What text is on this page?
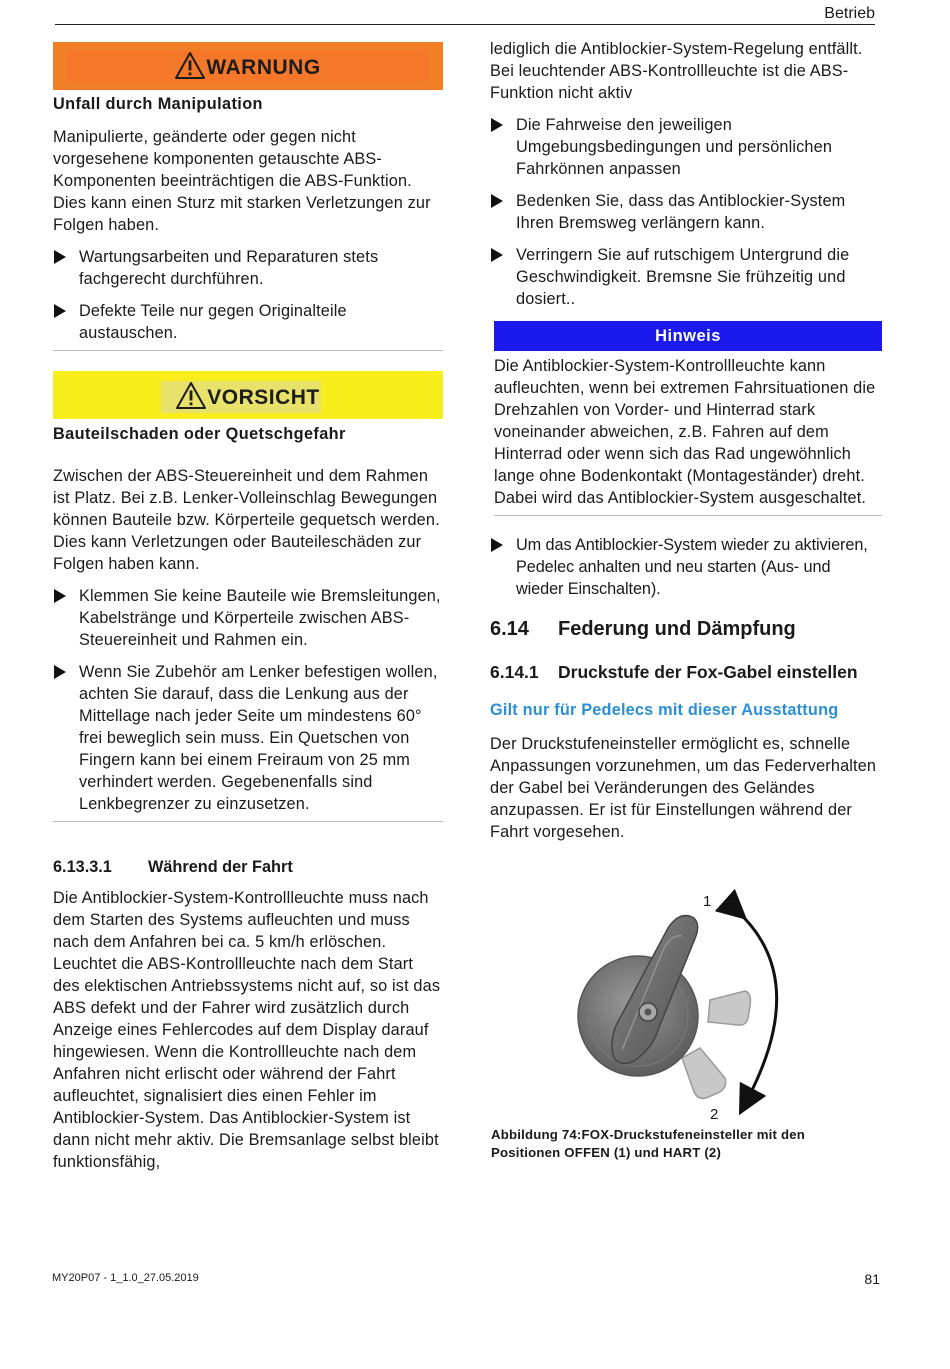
Betrieb
WARNUNG
Unfall durch Manipulation

Manipulierte, geänderte oder gegen nicht vorgesehene komponenten getauschte ABS-Komponenten beeinträchtigen die ABS-Funktion. Dies kann einen Sturz mit starken Verletzungen zur Folgen haben.

Wartungsarbeiten und Reparaturen stets fachgerecht durchführen.

Defekte Teile nur gegen Originalteile austauschen.

VORSICHT
Bauteilschaden oder Quetschgefahr

Zwischen der ABS-Steuereinheit und dem Rahmen ist Platz. Bei z.B. Lenker-Volleinschlag Bewegungen können Bauteile bzw. Körperteile gequetsch werden. Dies kann Verletzungen oder Bauteileschäden zur Folgen haben kann.

Klemmen Sie keine Bauteile wie Bremsleitungen, Kabelstränge und Körperteile zwischen ABS-Steuereinheit und Rahmen ein.

Wenn Sie Zubehör am Lenker befestigen wollen, achten Sie darauf, dass die Lenkung aus der Mittellage nach jeder Seite um mindestens 60° frei beweglich sein muss. Ein Quetschen von Fingern kann bei einem Freiraum von 25 mm verhindert werden. Gegebenenfalls sind Lenkbegrenzer zu einzusetzen.

6.13.3.1 Während der Fahrt

Die Antiblockier-System-Kontrollleuchte muss nach dem Starten des Systems aufleuchten und muss nach dem Anfahren bei ca. 5 km/h erlöschen. Leuchtet die ABS-Kontrollleuchte nach dem Start des elektischen Antriebssystems nicht auf, so ist das ABS defekt und der Fahrer wird zusätzlich durch Anzeige eines Fehlercodes auf dem Display darauf hingewiesen. Wenn die Kontrollleuchte nach dem Anfahren nicht erlischt oder während der Fahrt aufleuchtet, signalisiert dies einen Fehler im Antiblockier-System. Das Antiblockier-System ist dann nicht mehr aktiv. Die Bremsanlage selbst bleibt funktionsfähig,

lediglich die Antiblockier-System-Regelung entfällt. Bei leuchtender ABS-Kontrollleuchte ist die ABS-Funktion nicht aktiv

Die Fahrweise den jeweiligen Umgebungsbedingungen und persönlichen Fahrkönnen anpassen

Bedenken Sie, dass das Antiblockier-System Ihren Bremsweg verlängern kann.

Verringern Sie auf rutschigem Untergrund die Geschwindigkeit. Bremsne Sie frühzeitig und dosiert..

Hinweis

Die Antiblockier-System-Kontrollleuchte kann aufleuchten, wenn bei extremen Fahrsituationen die Drehzahlen von Vorder- und Hinterrad stark voneinander abweichen, z.B. Fahren auf dem Hinterrad oder wenn sich das Rad ungewöhnlich lange ohne Bodenkontakt (Montageständer) dreht. Dabei wird das Antiblockier-System ausgeschaltet.

Um das Antiblockier-System wieder zu aktivieren, Pedelec anhalten und neu starten (Aus- und wieder Einschalten).

6.14 Federung und Dämpfung
6.14.1 Druckstufe der Fox-Gabel einstellen
Gilt nur für Pedelecs mit dieser Ausstattung

Der Druckstufeneinsteller ermöglicht es, schnelle Anpassungen vorzunehmen, um das Federverhalten der Gabel bei Veränderungen des Geländes anzupassen. Er ist für Einstellungen während der Fahrt vorgesehen.

1
2
Abbildung 74:FOX-Druckstufeneinsteller mit den
Positionen OFFEN (1) und HART (2)
MY20P07 - 1_1.0_27.05.2019	81
